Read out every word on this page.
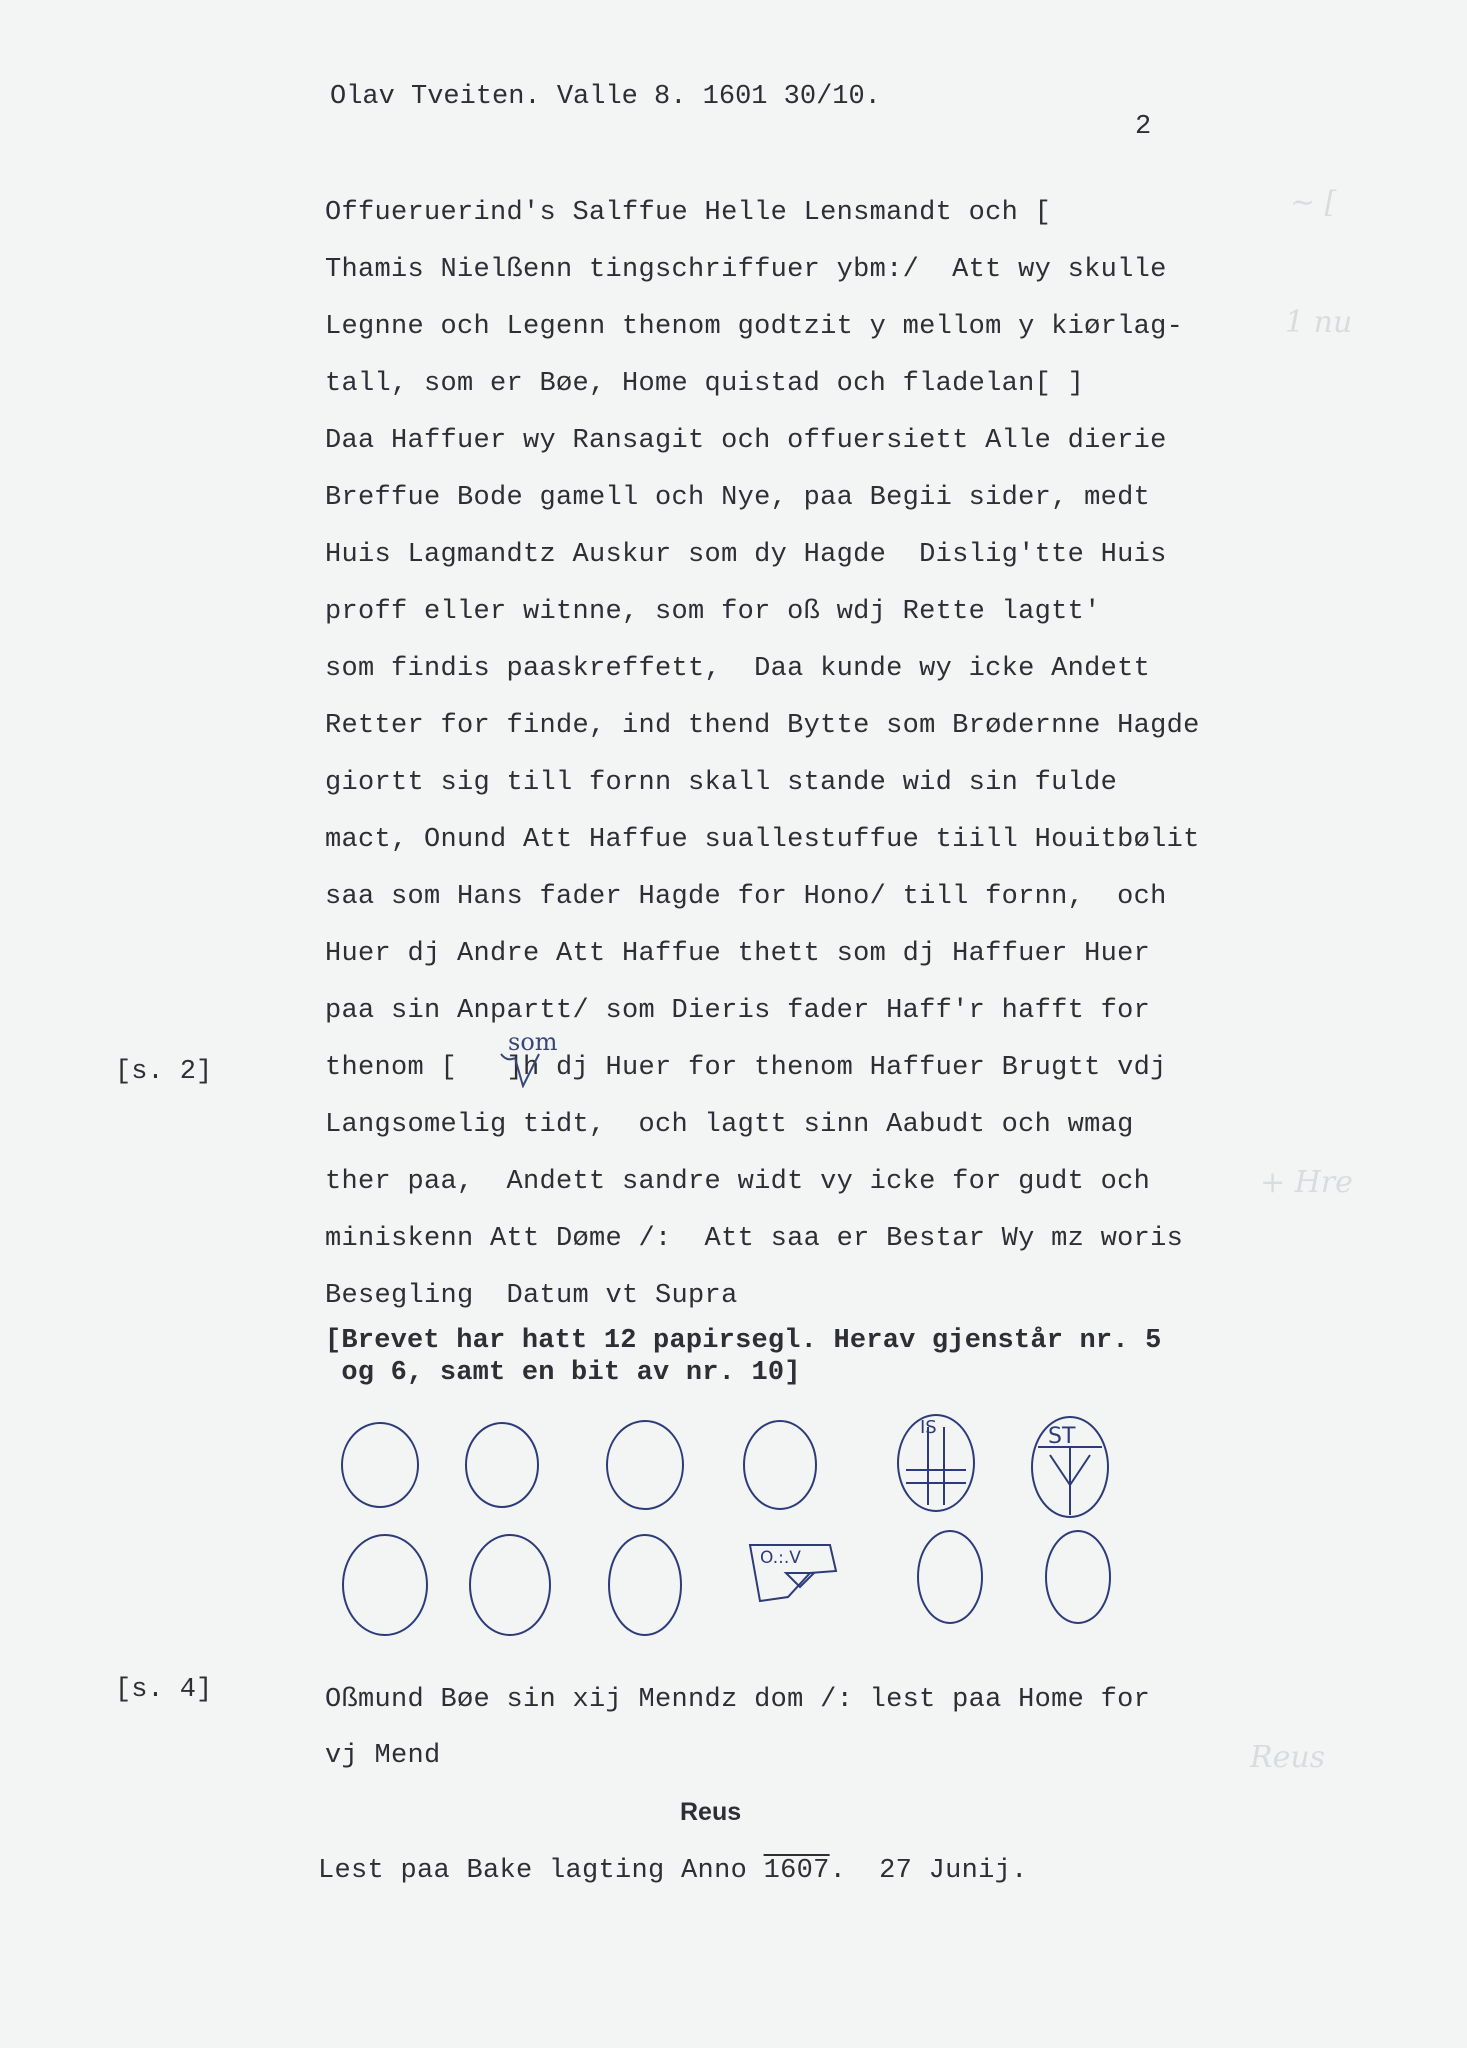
Olav Tveiten. Valle 8. 1601 30/10.

2

~ [
1 nu
+ Hre
Reus
Offueruerind's Salffue Helle Lensmandt och [
Thamis Nielßenn tingschriffuer ybm:/  Att wy skulle
Legnne och Legenn thenom godtzit y mellom y kiørlag-
tall, som er Bøe, Home quistad och fladelan[ ]
Daa Haffuer wy Ransagit och offuersiett Alle dierie
Breffue Bode gamell och Nye, paa Begii sider, medt
Huis Lagmandtz Auskur som dy Hagde  Dislig'tte Huis
proff eller witnne, som for oß wdj Rette lagtt'
som findis paaskreffett,  Daa kunde wy icke Andett
Retter for finde, ind thend Bytte som Brødernne Hagde
giortt sig till fornn skall stande wid sin fulde
mact, Onund Att Haffue suallestuffue tiill Houitbølit
saa som Hans fader Hagde for Hono/ till fornn,  och
Huer dj Andre Att Haffue thett som dj Haffuer Huer
paa sin Anpartt/ som Dieris fader Haff'r hafft for
thenom [   ]h dj Huer for thenom Haffuer Brugtt vdj
Langsomelig tidt,  och lagtt sinn Aabudt och wmag
ther paa,  Andett sandre widt vy icke for gudt och
miniskenn Att Døme /:  Att saa er Bestar Wy mz woris
Besegling  Datum vt Supra
som
[s. 2]
[s. 4]
[Brevet har hatt 12 papirsegl. Herav gjenstår nr. 5
og 6, samt en bit av nr. 10]
IS	ST
O.:.V
Oßmund Bøe sin xij Menndz dom /: lest paa Home for
vj Mend
Reus
Lest paa Bake lagting Anno 1607.  27 Junij.
